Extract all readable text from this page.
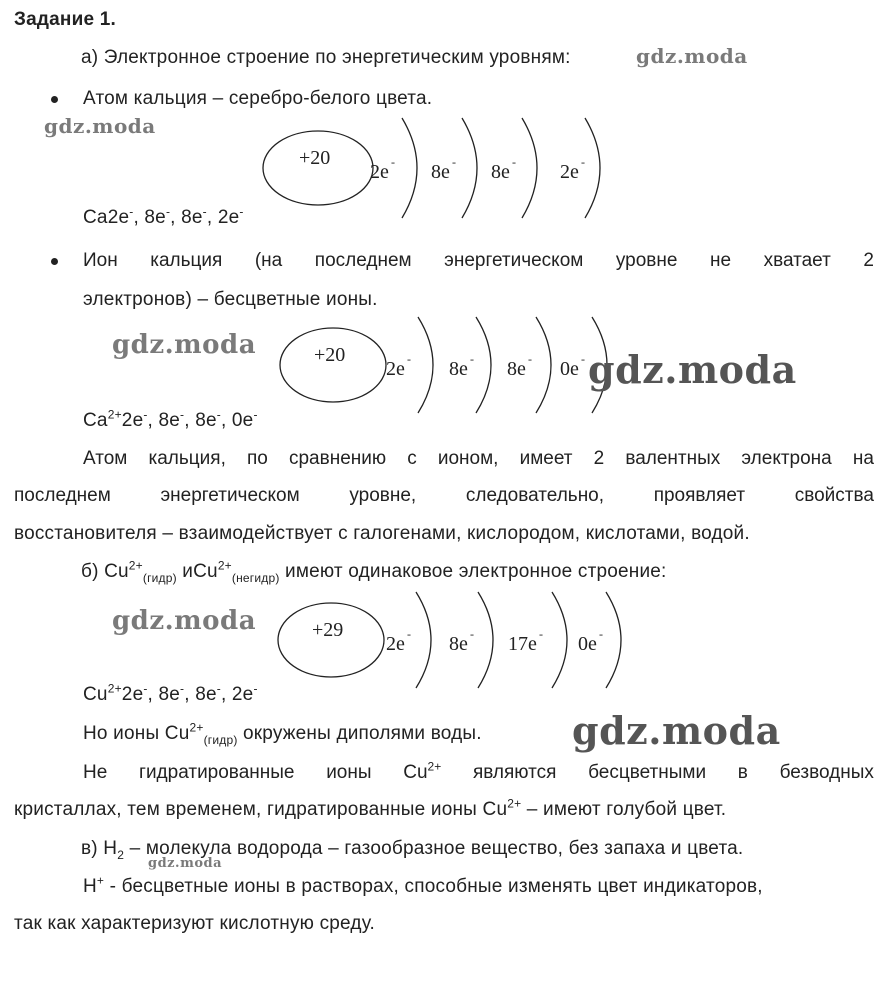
Задание 1.
а) Электронное строение по энергетическим уровням:
Атом кальция – серебро-белого цвета.
Ca2e-, 8e-, 8e-, 2e-
Ион кальция (на последнем энергетическом уровне не хватает 2
электронов) – бесцветные ионы.
$Ca^{2+}2e^-$, 8e-, 8e-, 0e-
Атом кальция, по сравнению с ионом, имеет 2 валентных электрона на
последнем	энергетическом	уровне,	следовательно,	проявляет	свойства
восстановителя – взаимодействует с галогенами, кислородом, кислотами, водой.
б) $Cu^{2+}_{(гидр)}$ иCu$^{2+}_{(негидр)}$ имеют одинаковое электронное строение:
$Cu^{2+}2e^-$, 8e-, 8e-, 2e-
Но ионы $Cu^{2+}_{(гидр)}$ окружены диполями воды.
Не гидратированные ионы $Cu^{2+}$ являются бесцветными в безводных
кристаллах, тем временем, гидратированные ионы $Cu^{2+}$ – имеют голубой цвет.
в) $H_2$ – молекула водорода – газообразное вещество, без запаха и цвета.
H+ - бесцветные ионы в растворах, способные изменять цвет индикаторов,
так как характеризуют кислотную среду.
+20
2e - 8e - 8e - 2e -
+20
2e - 8e - 8e - 0e -
+29
2e - 8e - 17e - 0e -
gdz.moda
gdz.moda
gdz.moda
gdz.moda
gdz.moda
gdz.moda
gdz.moda
